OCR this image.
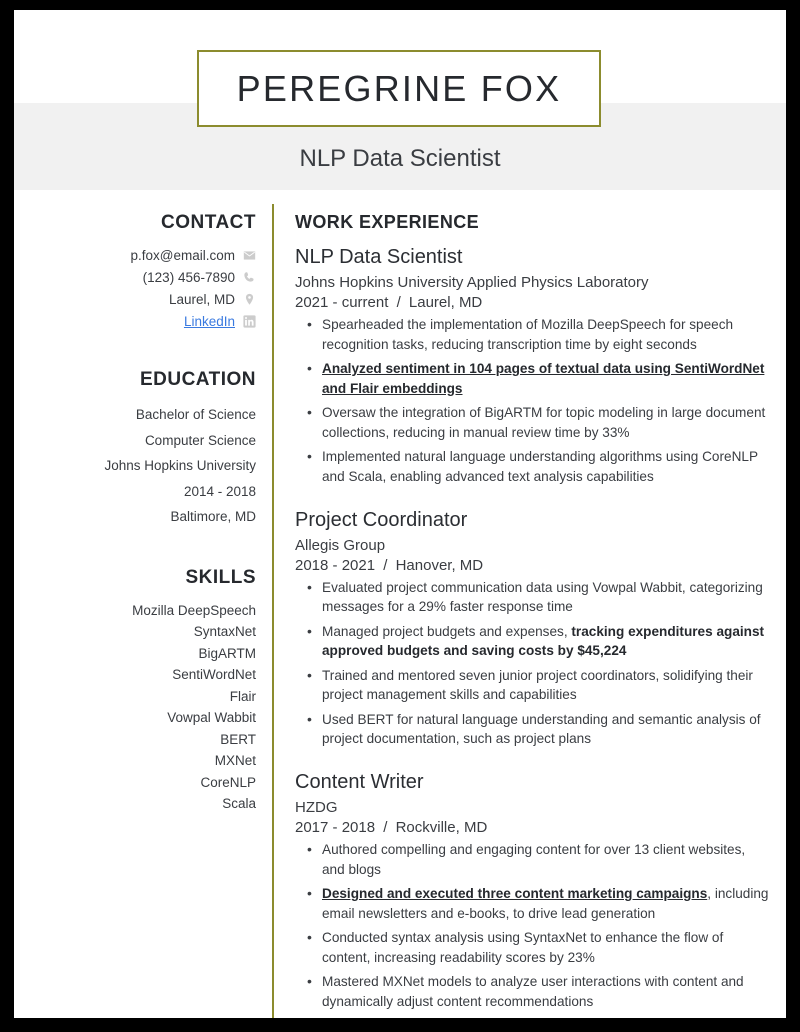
PEREGRINE FOX
NLP Data Scientist
CONTACT
p.fox@email.com
(123) 456-7890
Laurel, MD
LinkedIn
EDUCATION
Bachelor of Science
Computer Science
Johns Hopkins University
2014 - 2018
Baltimore, MD
SKILLS
Mozilla DeepSpeech
SyntaxNet
BigARTM
SentiWordNet
Flair
Vowpal Wabbit
BERT
MXNet
CoreNLP
Scala
WORK EXPERIENCE
NLP Data Scientist
Johns Hopkins University Applied Physics Laboratory
2021 - current / Laurel, MD
• Spearheaded the implementation of Mozilla DeepSpeech for speech recognition tasks, reducing transcription time by eight seconds
• Analyzed sentiment in 104 pages of textual data using SentiWordNet and Flair embeddings
• Oversaw the integration of BigARTM for topic modeling in large document collections, reducing in manual review time by 33%
• Implemented natural language understanding algorithms using CoreNLP and Scala, enabling advanced text analysis capabilities
Project Coordinator
Allegis Group
2018 - 2021 / Hanover, MD
• Evaluated project communication data using Vowpal Wabbit, categorizing messages for a 29% faster response time
• Managed project budgets and expenses, tracking expenditures against approved budgets and saving costs by $45,224
• Trained and mentored seven junior project coordinators, solidifying their project management skills and capabilities
• Used BERT for natural language understanding and semantic analysis of project documentation, such as project plans
Content Writer
HZDG
2017 - 2018 / Rockville, MD
• Authored compelling and engaging content for over 13 client websites, and blogs
• Designed and executed three content marketing campaigns, including email newsletters and e-books, to drive lead generation
• Conducted syntax analysis using SyntaxNet to enhance the flow of content, increasing readability scores by 23%
• Mastered MXNet models to analyze user interactions with content and dynamically adjust content recommendations
